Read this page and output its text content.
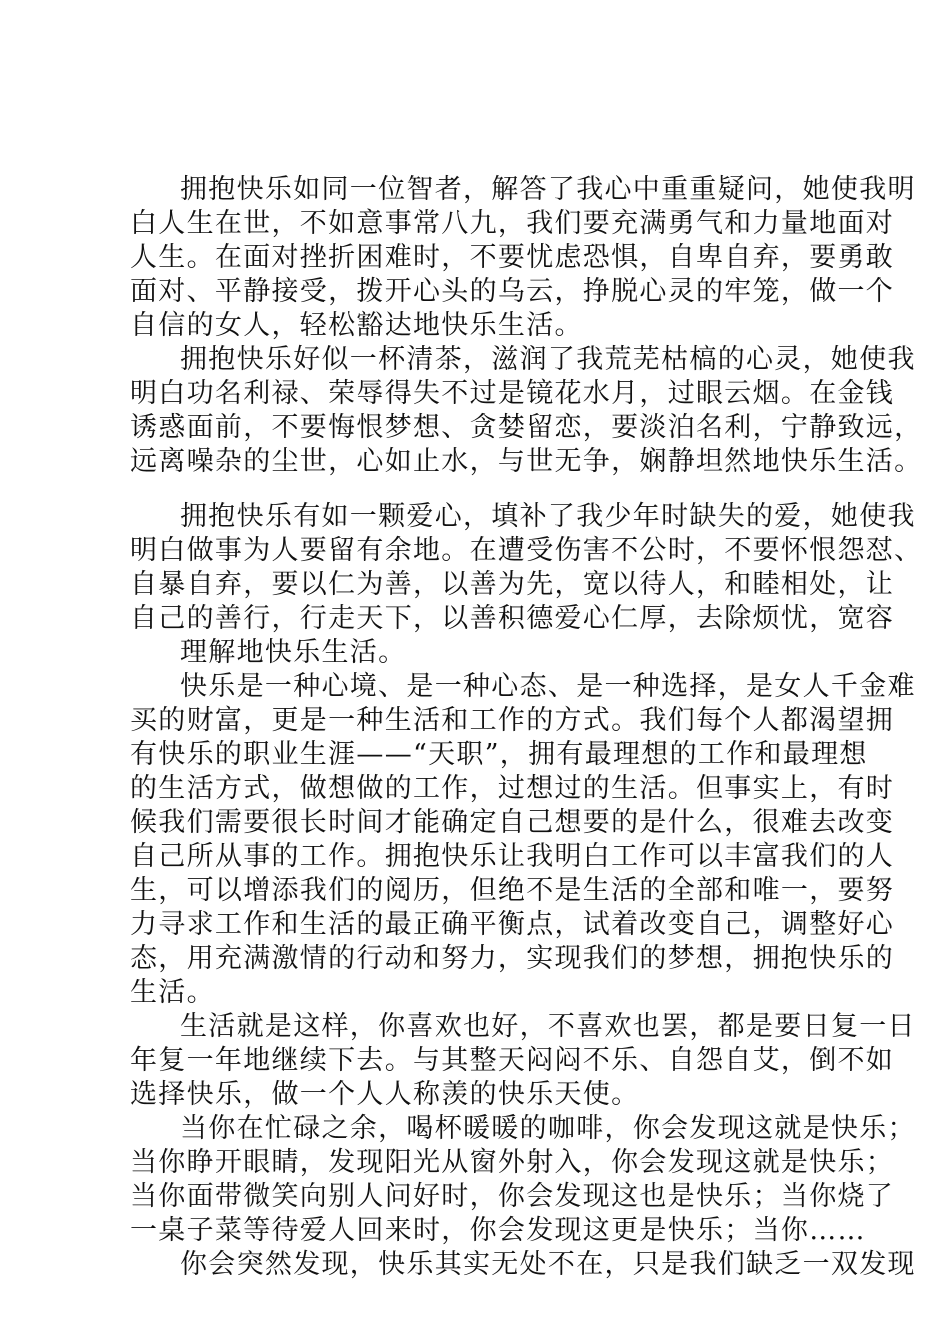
拥抱快乐如同一位智者，解答了我心中重重疑问，她使我明
白人生在世，不如意事常八九，我们要充满勇气和力量地面对
人生。在面对挫折困难时，不要忧虑恐惧，自卑自弃，要勇敢
面对、平静接受，拨开心头的乌云，挣脱心灵的牢笼，做一个
自信的女人，轻松豁达地快乐生活。
拥抱快乐好似一杯清茶，滋润了我荒芜枯槁的心灵，她使我
明白功名利禄、荣辱得失不过是镜花水月，过眼云烟。在金钱
诱惑面前，不要悔恨梦想、贪婪留恋，要淡泊名利，宁静致远，
远离噪杂的尘世，心如止水，与世无争，娴静坦然地快乐生活。
拥抱快乐有如一颗爱心，填补了我少年时缺失的爱，她使我
明白做事为人要留有余地。在遭受伤害不公时，不要怀恨怨怼、
自暴自弃，要以仁为善，以善为先，宽以待人，和睦相处，让
自己的善行，行走天下，以善积德爱心仁厚，去除烦忧，宽容
理解地快乐生活。
快乐是一种心境、是一种心态、是一种选择，是女人千金难
买的财富，更是一种生活和工作的方式。我们每个人都渴望拥
有快乐的职业生涯——“天职”，拥有最理想的工作和最理想
的生活方式，做想做的工作，过想过的生活。但事实上，有时
候我们需要很长时间才能确定自己想要的是什么，很难去改变
自己所从事的工作。拥抱快乐让我明白工作可以丰富我们的人
生，可以增添我们的阅历，但绝不是生活的全部和唯一，要努
力寻求工作和生活的最正确平衡点，试着改变自己，调整好心
态，用充满激情的行动和努力，实现我们的梦想，拥抱快乐的
生活。
生活就是这样，你喜欢也好，不喜欢也罢，都是要日复一日
年复一年地继续下去。与其整天闷闷不乐、自怨自艾，倒不如
选择快乐，做一个人人称羡的快乐天使。
当你在忙碌之余，喝杯暖暖的咖啡，你会发现这就是快乐；
当你睁开眼睛，发现阳光从窗外射入，你会发现这就是快乐；
当你面带微笑向别人问好时，你会发现这也是快乐；当你烧了
一桌子菜等待爱人回来时，你会发现这更是快乐；当你……
你会突然发现，快乐其实无处不在，只是我们缺乏一双发现
